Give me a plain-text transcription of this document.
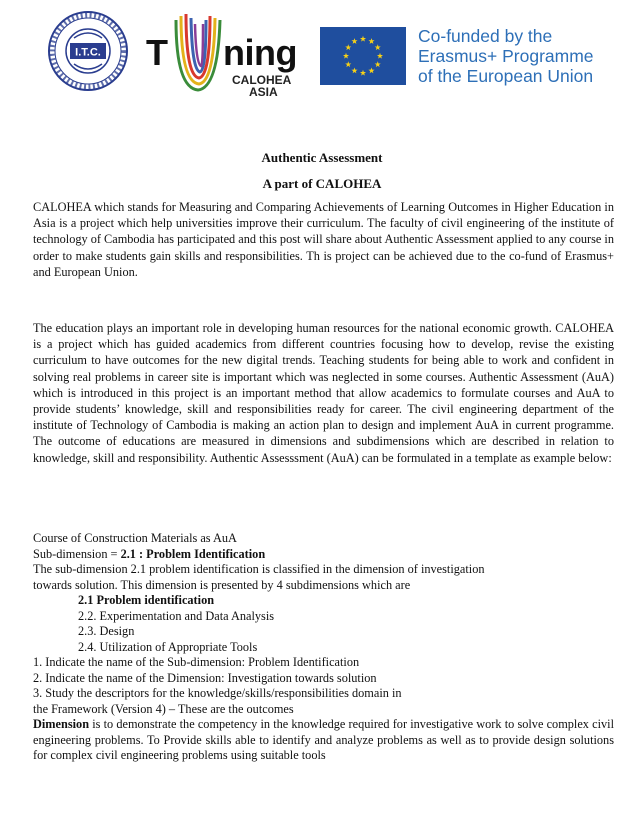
I.T.C. T ning
CALOHEA
ASIA
Co-funded by the
Erasmus+ Programme
of the European Union
Authentic Assessment
A part of CALOHEA
CALOHEA which stands for Measuring and Comparing Achievements of Learning Outcomes in Higher Education in Asia is a project which help universities improve their curriculum. The faculty of civil engineering of the institute of technology of Cambodia has participated and this post will share about Authentic Assessment applied to any course in order to make students gain skills and responsibilities. Th is project can be achieved due to the co-fund of Erasmus+ and European Union.
The education plays an important role in developing human resources for the national economic growth. CALOHEA is a project which has guided academics from different countries focusing how to develop, revise the existing curriculum to have outcomes for the new digital trends. Teaching students for being able to work and confident in solving real problems in career site is important which was neglected in some courses. Authentic Assessment (AuA) which is introduced in this project is an important method that allow academics to formulate courses and AuA to provide students’ knowledge, skill and responsibilities ready for career. The civil engineering department of the institute of Technology of Cambodia is making an action plan to design and implement AuA in current programme. The outcome of educations are measured in dimensions and subdimensions which are described in relation to knowledge, skill and responsibility. Authentic Assesssment (AuA) can be formulated in a template as example below:
Course of Construction Materials as AuA
Sub-dimension = 2.1 : Problem Identification
The sub-dimension 2.1 problem identification is classified in the dimension of investigation
towards solution. This dimension is presented by 4 subdimensions which are
2.1 Problem identification
2.2. Experimentation and Data Analysis
2.3. Design
2.4. Utilization of Appropriate Tools
1. Indicate the name of the Sub-dimension: Problem Identification
2. Indicate the name of the Dimension: Investigation towards solution
3. Study the descriptors for the knowledge/skills/responsibilities domain in
the Framework (Version 4) – These are the outcomes
Dimension is to demonstrate the competency in the knowledge required for investigative work to solve complex civil engineering problems. To Provide skills able to identify and analyze problems as well as to provide design solutions for complex civil engineering problems using suitable tools
